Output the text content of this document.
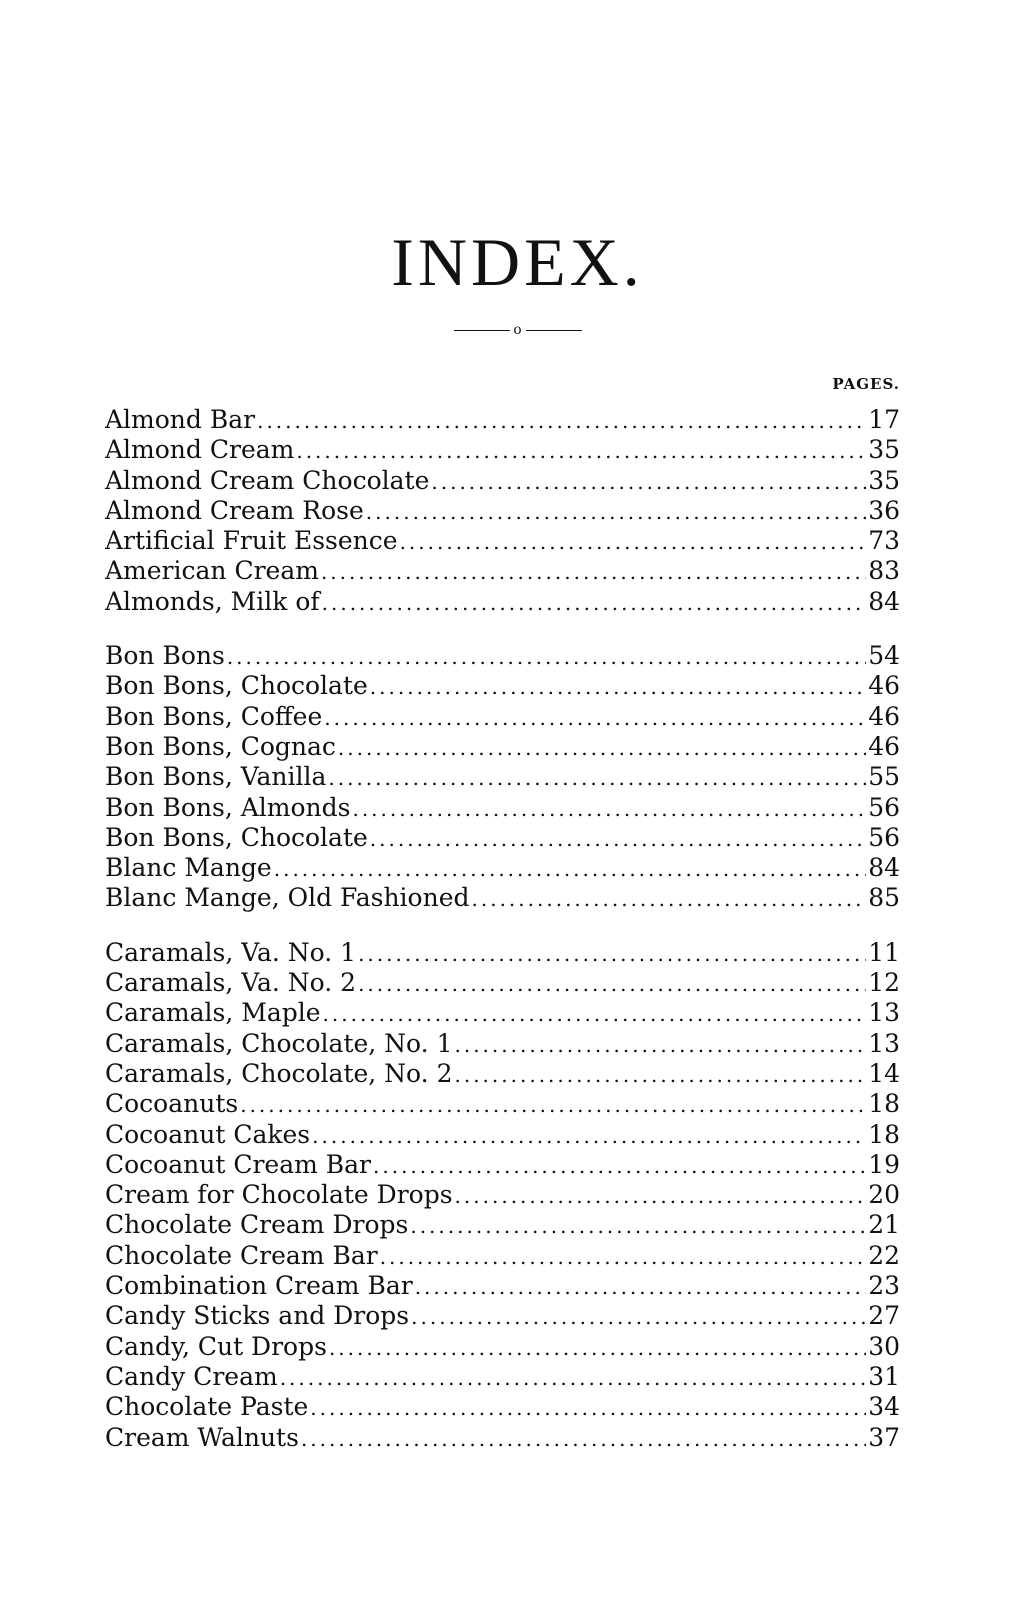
INDEX.
o
PAGES.
Almond Bar .....	17
Almond Cream .....	35
Almond Cream Chocolate .....	35
Almond Cream Rose .....	36
Artificial Fruit Essence .....	73
American Cream .....	83
Almonds, Milk of .....	84
Bon Bons .....	54
Bon Bons, Chocolate .....	46
Bon Bons, Coffee .....	46
Bon Bons, Cognac .....	46
Bon Bons, Vanilla .....	55
Bon Bons, Almonds .....	56
Bon Bons, Chocolate .....	56
Blanc Mange .....	84
Blanc Mange, Old Fashioned .....	85
Caramals, Va. No. 1 .....	11
Caramals, Va. No. 2 .....	12
Caramals, Maple .....	13
Caramals, Chocolate, No. 1 .....	13
Caramals, Chocolate, No. 2 .....	14
Cocoanuts .....	18
Cocoanut Cakes .....	18
Cocoanut Cream Bar .....	19
Cream for Chocolate Drops .....	20
Chocolate Cream Drops .....	21
Chocolate Cream Bar .....	22
Combination Cream Bar .....	23
Candy Sticks and Drops .....	27
Candy, Cut Drops .....	30
Candy Cream .....	31
Chocolate Paste .....	34
Cream Walnuts .....	37
